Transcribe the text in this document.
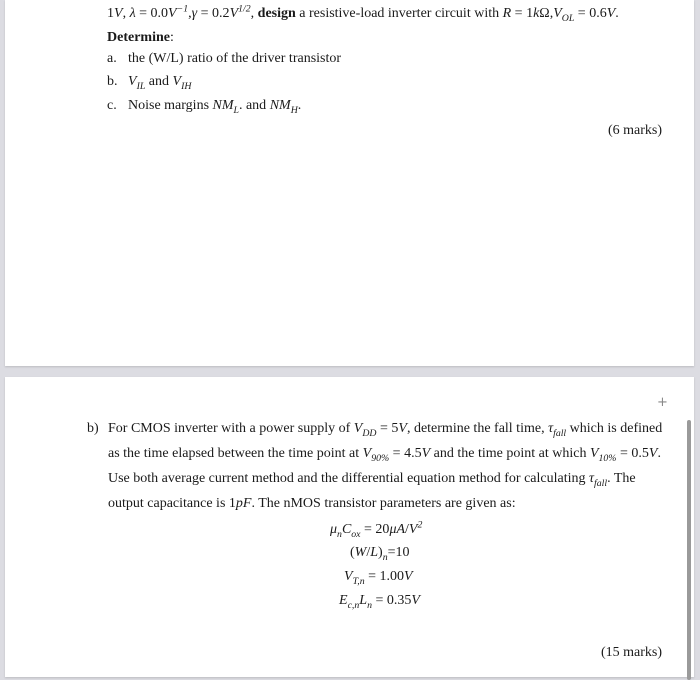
1V, $\lambda = 0.0V^{-1},\gamma = 0.2V^{1/2}$, design a resistive-load inverter circuit with $R = 1k\Omega,V_{OL} = 0.6V$.
Determine:
a. the (W/L) ratio of the driver transistor
b. $V_{IL}$ and $V_{IH}$
c. Noise margins $NM_L$. and $NM_H$.
(6 marks)
+
b) For CMOS inverter with a power supply of $V_{DD} = 5V$, determine the fall time, $\tau_{fall}$ which is defined
as the time elapsed between the time point at $V_{90\%} = 4.5V$ and the time point at which $V_{10\%} = 0.5V$.
Use both average current method and the differential equation method for calculating $\tau_{fall}$. The
output capacitance is 1pF. The nMOS transistor parameters are given as:
$\mu_nC_{ox} = 20\mu A/V^2$
$(W/L)_n=10$
$V_{T,n} = 1.00V$
$E_{c,n}L_n = 0.35V$
(15 marks)
